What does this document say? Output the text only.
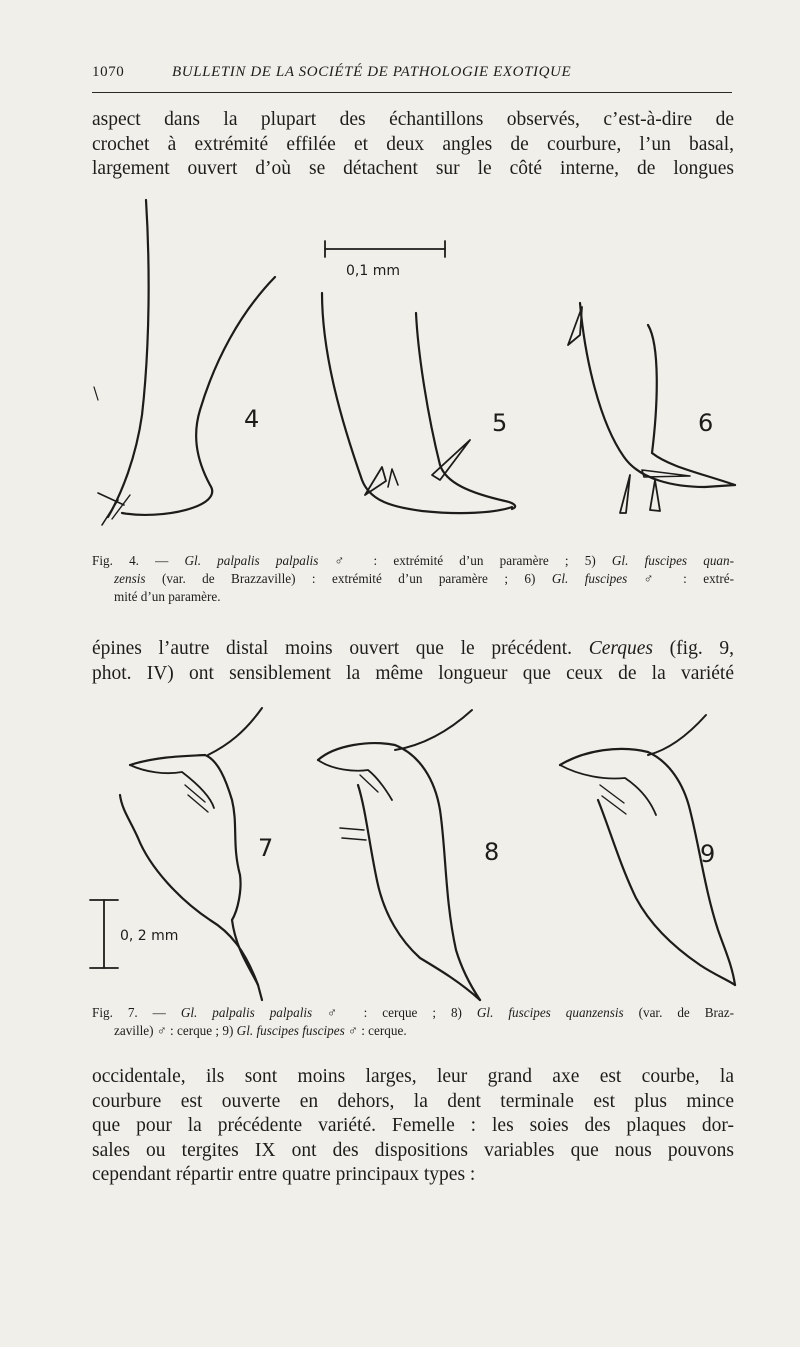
1070	BULLETIN DE LA SOCIÉTÉ DE PATHOLOGIE EXOTIQUE

aspect dans la plupart des échantillons observés, c’est-à-dire de
crochet à extrémité effilée et deux angles de courbure, l’un basal,
largement ouvert d’où se détachent sur le côté interne, de longues

0,1 mm
4	5	6
Fig. 4. — Gl. palpalis palpalis ♂ : extrémité d’un paramère ; 5) Gl. fuscipes quan-
zensis (var. de Brazzaville) : extrémité d’un paramère ; 6) Gl. fuscipes ♂ : extré-
mité d’un paramère.

épines l’autre distal moins ouvert que le précédent. Cerques (fig. 9,
phot. IV) ont sensiblement la même longueur que ceux de la variété

0, 2 mm
7	8	9
Fig. 7. — Gl. palpalis palpalis ♂ : cerque ; 8) Gl. fuscipes quanzensis (var. de Braz-
zaville) ♂ : cerque ; 9) Gl. fuscipes fuscipes ♂ : cerque.

occidentale, ils sont moins larges, leur grand axe est courbe, la
courbure est ouverte en dehors, la dent terminale est plus mince
que pour la précédente variété. Femelle : les soies des plaques dor-
sales ou tergites IX ont des dispositions variables que nous pouvons
cependant répartir entre quatre principaux types :
